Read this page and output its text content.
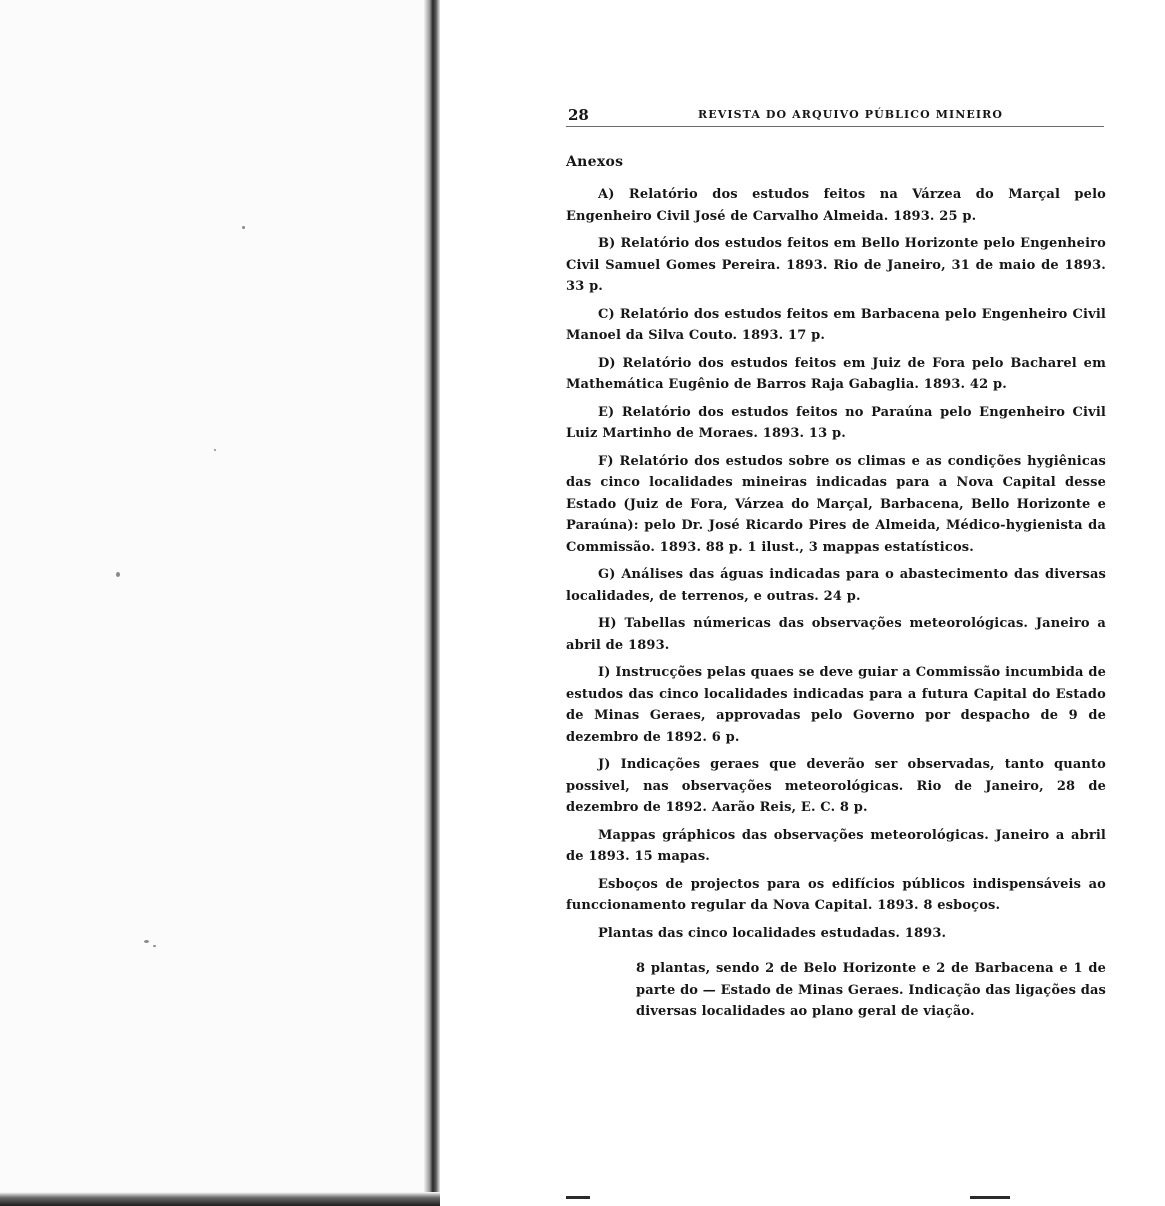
28	REVISTA DO ARQUIVO PÚBLICO MINEIRO
Anexos
A) Relatório dos estudos feitos na Várzea do Marçal pelo Engenheiro Civil José de Carvalho Almeida. 1893. 25 p.
B) Relatório dos estudos feitos em Bello Horizonte pelo Engenheiro Civil Samuel Gomes Pereira. 1893. Rio de Janeiro, 31 de maio de 1893. 33 p.
C) Relatório dos estudos feitos em Barbacena pelo Engenheiro Civil Manoel da Silva Couto. 1893. 17 p.
D) Relatório dos estudos feitos em Juiz de Fora pelo Bacharel em Mathemática Eugênio de Barros Raja Gabaglia. 1893. 42 p.
E) Relatório dos estudos feitos no Paraúna pelo Engenheiro Civil Luiz Martinho de Moraes. 1893. 13 p.
F) Relatório dos estudos sobre os climas e as condições hygiênicas das cinco localidades mineiras indicadas para a Nova Capital desse Estado (Juiz de Fora, Várzea do Marçal, Barbacena, Bello Horizonte e Paraúna): pelo Dr. José Ricardo Pires de Almeida, Médico-hygienista da Commissão. 1893. 88 p. 1 ilust., 3 mappas estatísticos.
G) Análises das águas indicadas para o abastecimento das diversas localidades, de terrenos, e outras. 24 p.
H) Tabellas númericas das observações meteorológicas. Janeiro a abril de 1893.
I) Instrucções pelas quaes se deve guiar a Commissão incumbida de estudos das cinco localidades indicadas para a futura Capital do Estado de Minas Geraes, approvadas pelo Governo por despacho de 9 de dezembro de 1892. 6 p.
J) Indicações geraes que deverão ser observadas, tanto quanto possivel, nas observações meteorológicas. Rio de Janeiro, 28 de dezembro de 1892. Aarão Reis, E. C. 8 p.
Mappas gráphicos das observações meteorológicas. Janeiro a abril de 1893. 15 mapas.
Esboços de projectos para os edifícios públicos indispensáveis ao funccionamento regular da Nova Capital. 1893. 8 esboços.
Plantas das cinco localidades estudadas. 1893.

8 plantas, sendo 2 de Belo Horizonte e 2 de Barbacena e 1 de parte do — Estado de Minas Geraes. Indicação das ligações das diversas localidades ao plano geral de viação.
